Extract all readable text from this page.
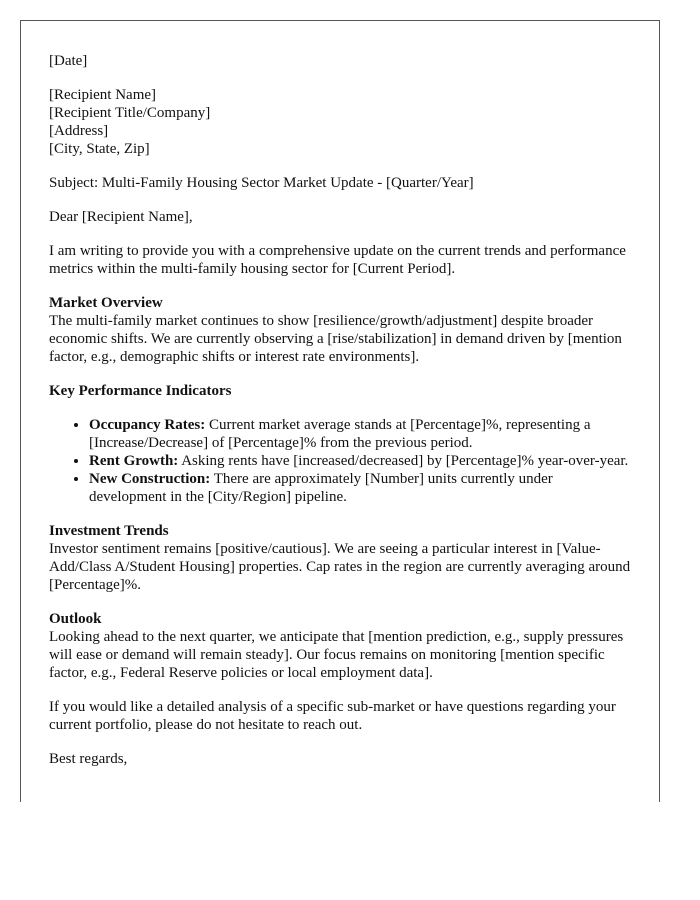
[Date]

[Recipient Name]

[Recipient Title/Company]

[Address]

[City, State, Zip]

Subject: Multi-Family Housing Sector Market Update - [Quarter/Year]

Dear [Recipient Name],

I am writing to provide you with a comprehensive update on the current trends and performance metrics within the multi-family housing sector for [Current Period].

Market Overview
The multi-family market continues to show [resilience/growth/adjustment] despite broader economic shifts. We are currently observing a [rise/stabilization] in demand driven by [mention factor, e.g., demographic shifts or interest rate environments].

Key Performance Indicators

• Occupancy Rates: Current market average stands at [Percentage]%, representing a [Increase/Decrease] of [Percentage]% from the previous period.
• Rent Growth: Asking rents have [increased/decreased] by [Percentage]% year-over-year.
• New Construction: There are approximately [Number] units currently under development in the [City/Region] pipeline.

Investment Trends
Investor sentiment remains [positive/cautious]. We are seeing a particular interest in [Value-Add/Class A/Student Housing] properties. Cap rates in the region are currently averaging around [Percentage]%.

Outlook
Looking ahead to the next quarter, we anticipate that [mention prediction, e.g., supply pressures will ease or demand will remain steady]. Our focus remains on monitoring [mention specific factor, e.g., Federal Reserve policies or local employment data].

If you would like a detailed analysis of a specific sub-market or have questions regarding your current portfolio, please do not hesitate to reach out.

Best regards,
